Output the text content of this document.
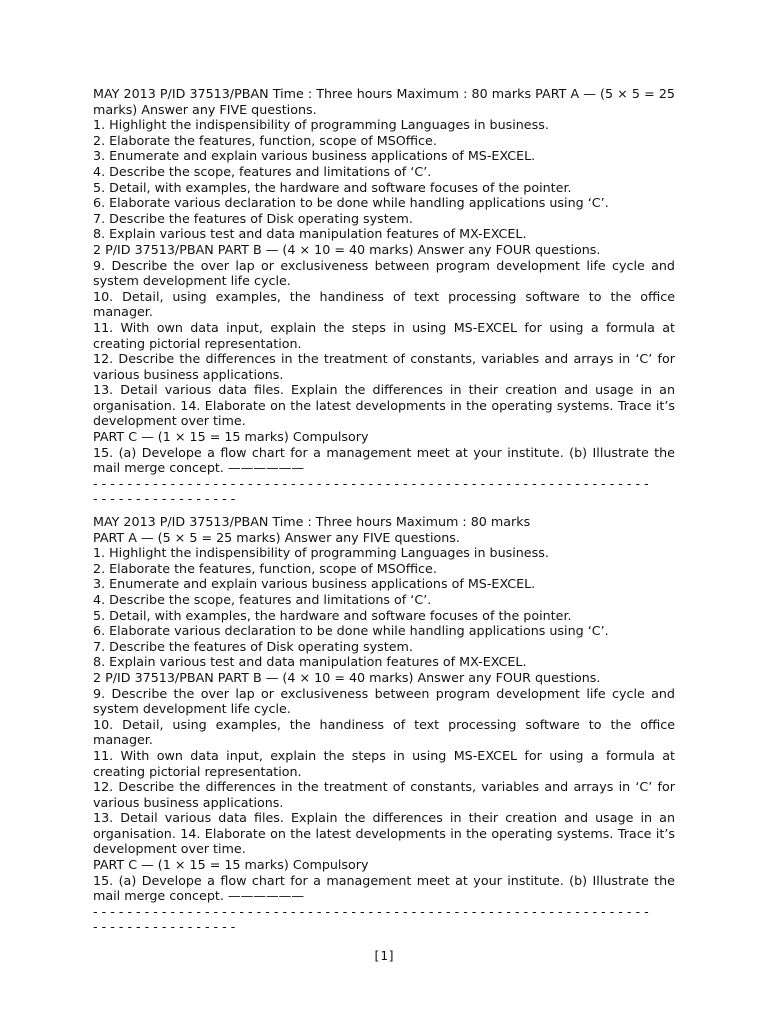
MAY 2013 P/ID 37513/PBAN Time : Three hours Maximum : 80 marks PART A — (5 × 5 = 25 marks) Answer any FIVE questions.

1. Highlight the indispensibility of programming Languages in business.

2. Elaborate the features, function, scope of MSOffice.

3. Enumerate and explain various business applications of MS-EXCEL.

4. Describe the scope, features and limitations of ‘C’.

5. Detail, with examples, the hardware and software focuses of the pointer.

6. Elaborate various declaration to be done while handling applications using ‘C’.

7. Describe the features of Disk operating system.

8. Explain various test and data manipulation features of MX-EXCEL.

2 P/ID 37513/PBAN PART B — (4 × 10 = 40 marks) Answer any FOUR questions.

9. Describe the over lap or exclusiveness between program development life cycle and system development life cycle.

10. Detail, using examples, the handiness of text processing software to the office manager.

11. With own data input, explain the steps in using MS-EXCEL for using a formula at creating pictorial representation.

12. Describe the differences in the treatment of constants, variables and arrays in ‘C’ for various business applications.

13. Detail various data files. Explain the differences in their creation and usage in an organisation. 14. Elaborate on the latest developments in the operating systems. Trace it’s development over time.

PART C — (1 × 15 = 15 marks) Compulsory

15. (a) Develope a flow chart for a management meet at your institute. (b) Illustrate the mail merge concept. ——————

- - - - - - - - - - - - - - - - - - - - - - - - - - - - - - - - - - - - - - - - - - - - - - - - - - - - - - - - - - - - - - - - -

- - - - - - - - - - - - - - - - -

MAY 2013 P/ID 37513/PBAN Time : Three hours Maximum : 80 marks

PART A — (5 × 5 = 25 marks) Answer any FIVE questions.

1. Highlight the indispensibility of programming Languages in business.

2. Elaborate the features, function, scope of MSOffice.

3. Enumerate and explain various business applications of MS-EXCEL.

4. Describe the scope, features and limitations of ‘C’.

5. Detail, with examples, the hardware and software focuses of the pointer.

6. Elaborate various declaration to be done while handling applications using ‘C’.

7. Describe the features of Disk operating system.

8. Explain various test and data manipulation features of MX-EXCEL.

2 P/ID 37513/PBAN PART B — (4 × 10 = 40 marks) Answer any FOUR questions.

9. Describe the over lap or exclusiveness between program development life cycle and system development life cycle.

10. Detail, using examples, the handiness of text processing software to the office manager.

11. With own data input, explain the steps in using MS-EXCEL for using a formula at creating pictorial representation.

12. Describe the differences in the treatment of constants, variables and arrays in ‘C’ for various business applications.

13. Detail various data files. Explain the differences in their creation and usage in an organisation. 14. Elaborate on the latest developments in the operating systems. Trace it’s development over time.

PART C — (1 × 15 = 15 marks) Compulsory

15. (a) Develope a flow chart for a management meet at your institute. (b) Illustrate the mail merge concept. ——————

- - - - - - - - - - - - - - - - - - - - - - - - - - - - - - - - - - - - - - - - - - - - - - - - - - - - - - - - - - - - - - - - -

- - - - - - - - - - - - - - - - -

[1]
